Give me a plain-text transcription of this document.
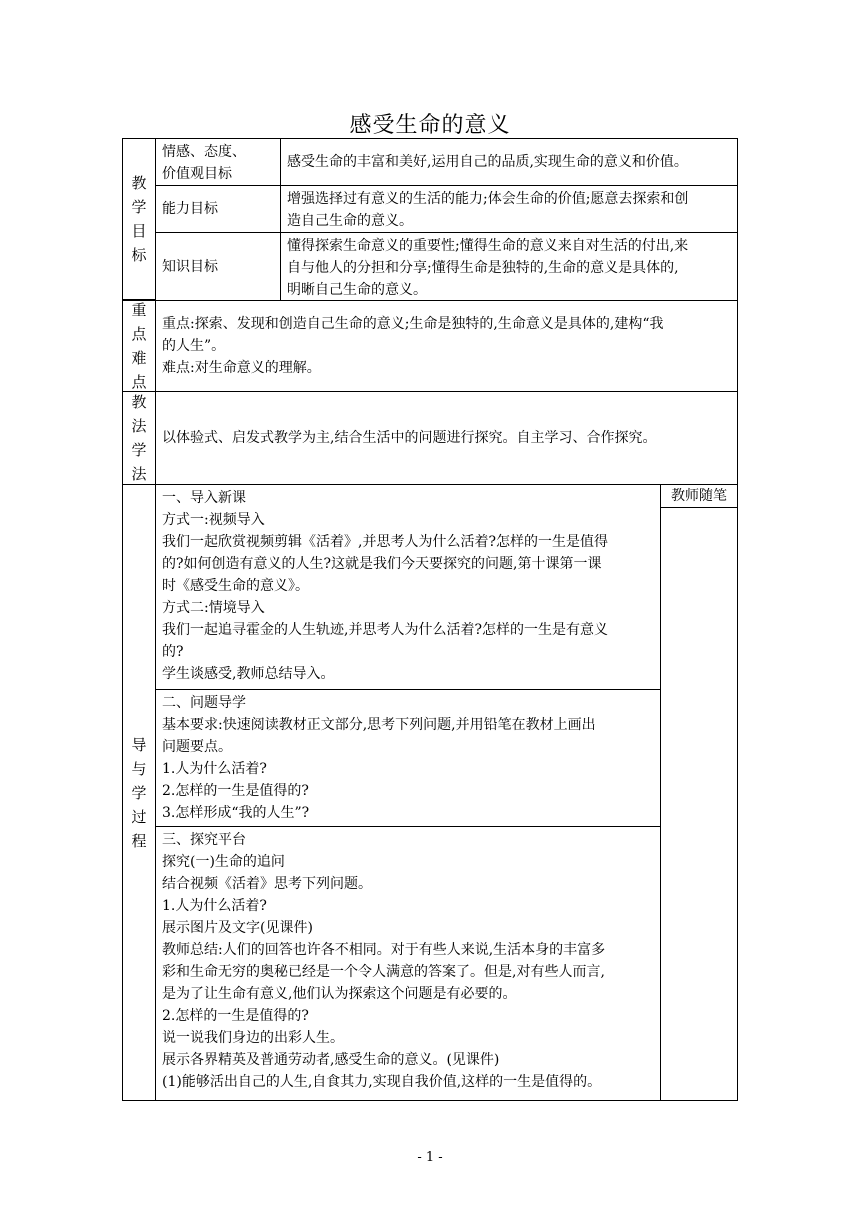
感受生命的意义
教
学
目
标
情感、态度、
价值观目标
感受生命的丰富和美好,运用自己的品质,实现生命的意义和价值。
能力目标
增强选择过有意义的生活的能力;体会生命的价值;愿意去探索和创
造自己生命的意义。
知识目标
懂得探索生命意义的重要性;懂得生命的意义来自对生活的付出,来
自与他人的分担和分享;懂得生命是独特的,生命的意义是具体的,
明晰自己生命的意义。
重
点
难
点
重点:探索、发现和创造自己生命的意义;生命是独特的,生命意义是具体的,建构“我
的人生”。
难点:对生命意义的理解。
教
法
学
法
以体验式、启发式教学为主,结合生活中的问题进行探究。自主学习、合作探究。
导
与
学
过
程
一、导入新课
方式一:视频导入
我们一起欣赏视频剪辑《活着》,并思考人为什么活着?怎样的一生是值得
的?如何创造有意义的人生?这就是我们今天要探究的问题,第十课第一课
时《感受生命的意义》。
方式二:情境导入
我们一起追寻霍金的人生轨迹,并思考人为什么活着?怎样的一生是有意义
的?
学生谈感受,教师总结导入。
二、问题导学
基本要求:快速阅读教材正文部分,思考下列问题,并用铅笔在教材上画出
问题要点。
1.人为什么活着?
2.怎样的一生是值得的?
3.怎样形成“我的人生”?
三、探究平台
探究(一)生命的追问
结合视频《活着》思考下列问题。
1.人为什么活着?
展示图片及文字(见课件)
教师总结:人们的回答也许各不相同。对于有些人来说,生活本身的丰富多
彩和生命无穷的奥秘已经是一个令人满意的答案了。但是,对有些人而言,
是为了让生命有意义,他们认为探索这个问题是有必要的。
2.怎样的一生是值得的?
说一说我们身边的出彩人生。
展示各界精英及普通劳动者,感受生命的意义。(见课件)
(1)能够活出自己的人生,自食其力,实现自我价值,这样的一生是值得的。
教师随笔
- 1 -
